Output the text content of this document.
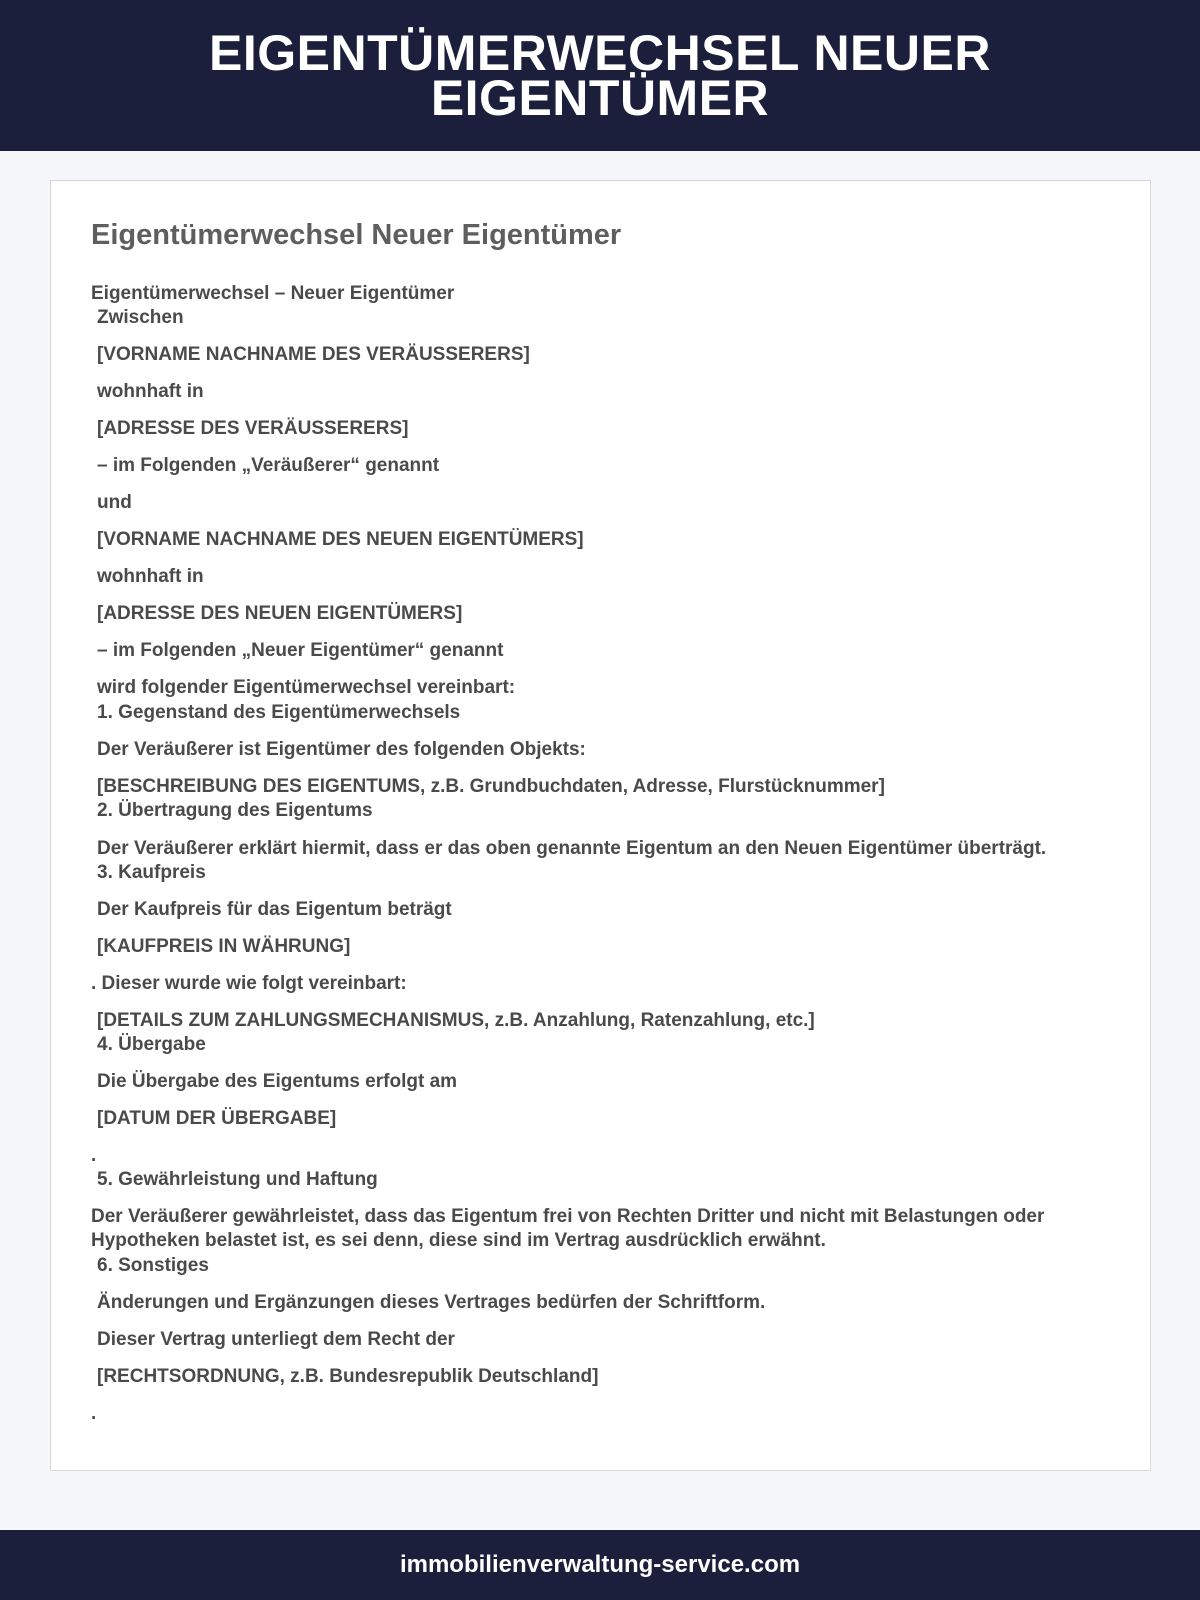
EIGENTÜMERWECHSEL NEUER EIGENTÜMER
Eigentümerwechsel Neuer Eigentümer
Eigentümerwechsel – Neuer Eigentümer
Zwischen
[VORNAME NACHNAME DES VERÄUSSERERS]
wohnhaft in
[ADRESSE DES VERÄUSSERERS]
– im Folgenden „Veräußerer“ genannt
und
[VORNAME NACHNAME DES NEUEN EIGENTÜMERS]
wohnhaft in
[ADRESSE DES NEUEN EIGENTÜMERS]
– im Folgenden „Neuer Eigentümer“ genannt
wird folgender Eigentümerwechsel vereinbart:
1. Gegenstand des Eigentümerwechsels
Der Veräußerer ist Eigentümer des folgenden Objekts:
[BESCHREIBUNG DES EIGENTUMS, z.B. Grundbuchdaten, Adresse, Flurstücknummer]
2. Übertragung des Eigentums
Der Veräußerer erklärt hiermit, dass er das oben genannte Eigentum an den Neuen Eigentümer überträgt.
3. Kaufpreis
Der Kaufpreis für das Eigentum beträgt
[KAUFPREIS IN WÄHRUNG]
. Dieser wurde wie folgt vereinbart:
[DETAILS ZUM ZAHLUNGSMECHANISMUS, z.B. Anzahlung, Ratenzahlung, etc.]
4. Übergabe
Die Übergabe des Eigentums erfolgt am
[DATUM DER ÜBERGABE]
.
5. Gewährleistung und Haftung
Der Veräußerer gewährleistet, dass das Eigentum frei von Rechten Dritter und nicht mit Belastungen oder Hypotheken belastet ist, es sei denn, diese sind im Vertrag ausdrücklich erwähnt.
6. Sonstiges
Änderungen und Ergänzungen dieses Vertrages bedürfen der Schriftform.
Dieser Vertrag unterliegt dem Recht der
[RECHTSORDNUNG, z.B. Bundesrepublik Deutschland]
.
immobilienverwaltung-service.com
